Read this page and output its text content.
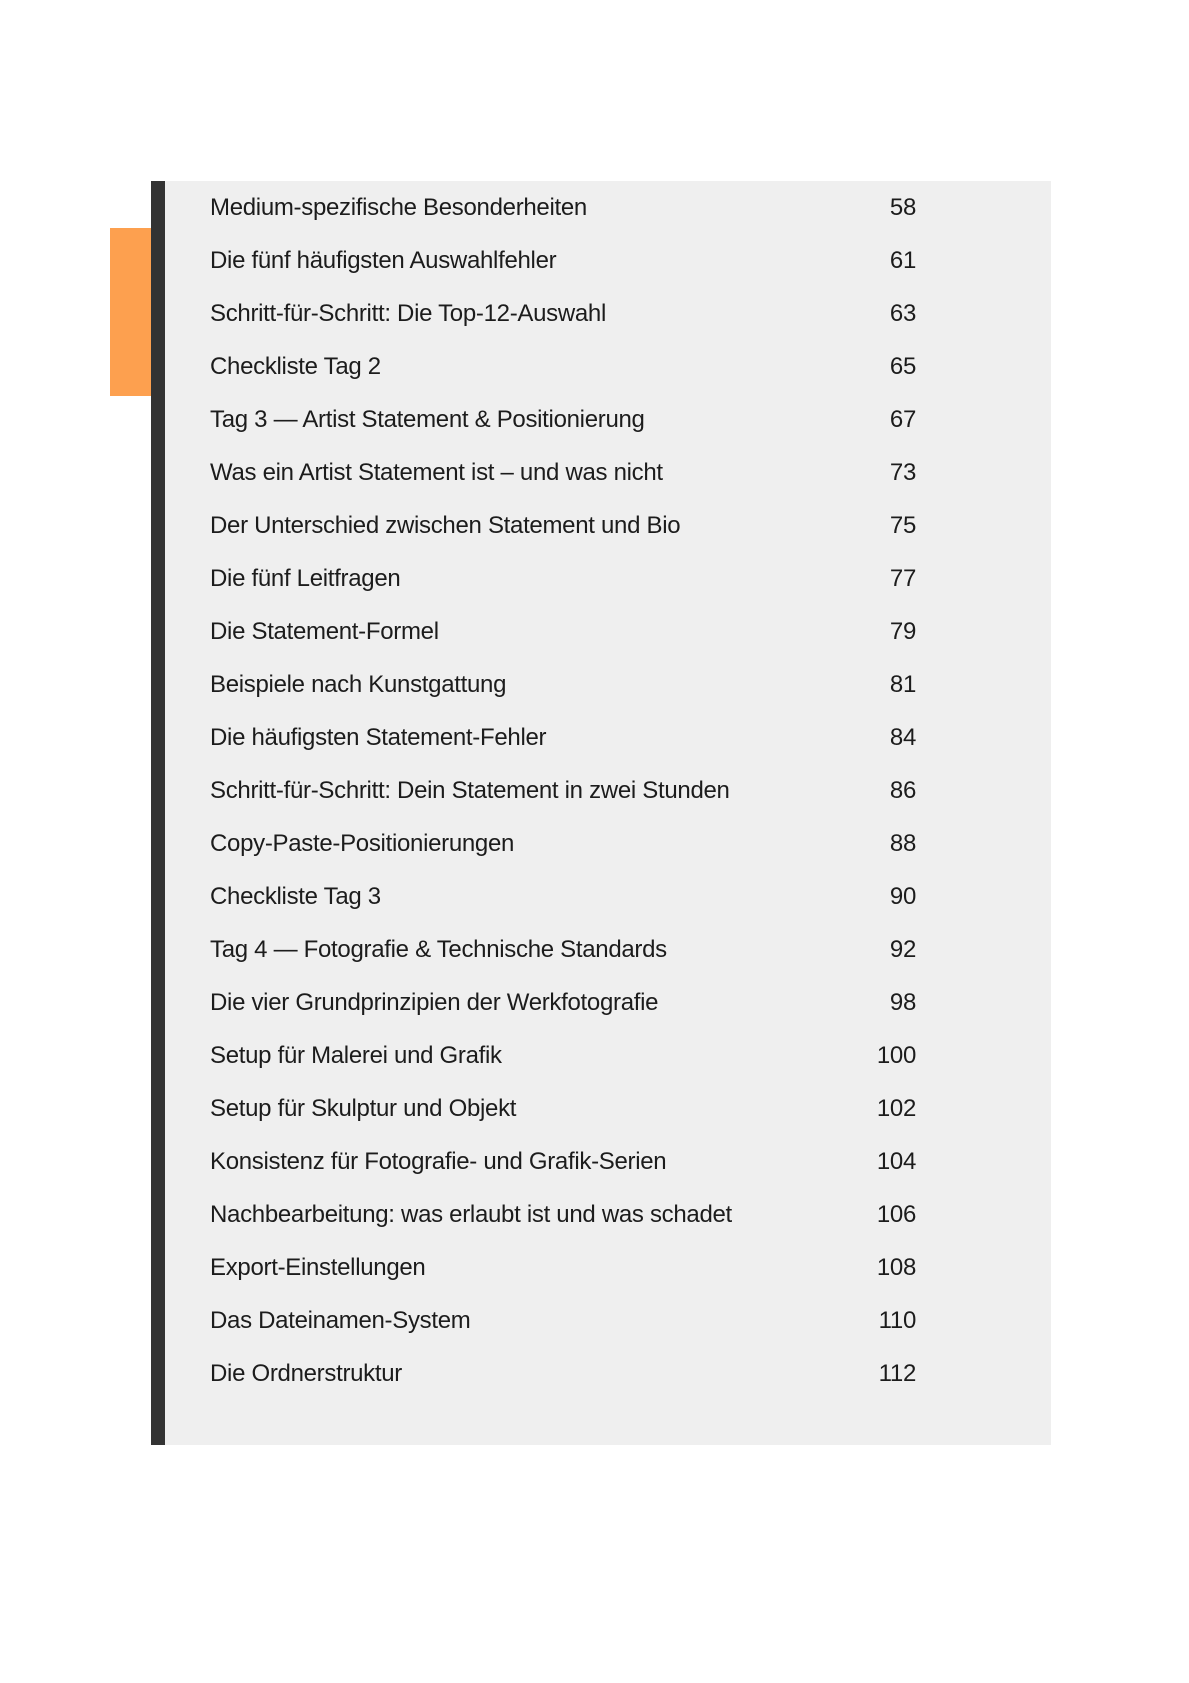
Medium-spezifische Besonderheiten	58
Die fünf häufigsten Auswahlfehler	61
Schritt-für-Schritt: Die Top-12-Auswahl	63
Checkliste Tag 2	65
Tag 3 — Artist Statement & Positionierung	67
Was ein Artist Statement ist – und was nicht	73
Der Unterschied zwischen Statement und Bio	75
Die fünf Leitfragen	77
Die Statement-Formel	79
Beispiele nach Kunstgattung	81
Die häufigsten Statement-Fehler	84
Schritt-für-Schritt: Dein Statement in zwei Stunden	86
Copy-Paste-Positionierungen	88
Checkliste Tag 3	90
Tag 4 — Fotografie & Technische Standards	92
Die vier Grundprinzipien der Werkfotografie	98
Setup für Malerei und Grafik	100
Setup für Skulptur und Objekt	102
Konsistenz für Fotografie- und Grafik-Serien	104
Nachbearbeitung: was erlaubt ist und was schadet	106
Export-Einstellungen	108
Das Dateinamen-System	110
Die Ordnerstruktur	112
